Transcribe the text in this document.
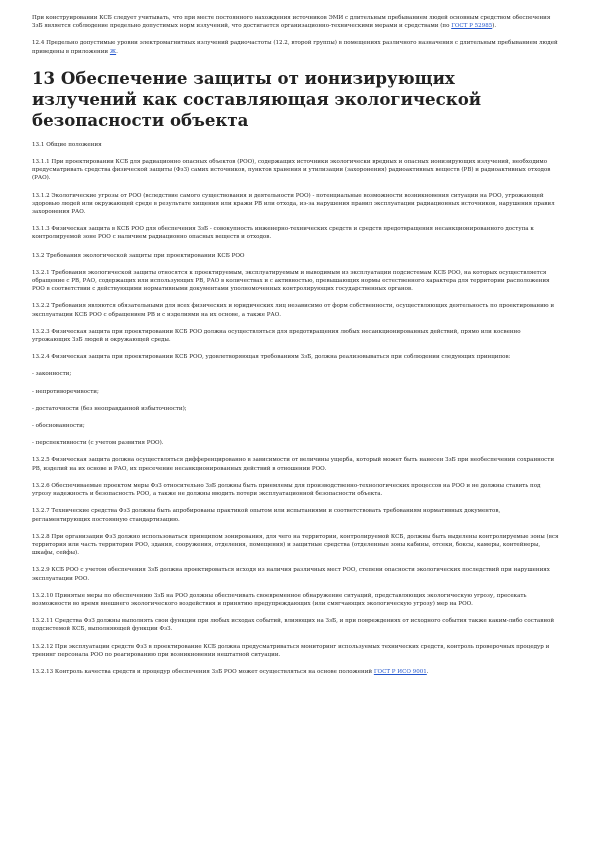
При конструировании КСБ следует учитывать, что при месте постоянного нахождения источников ЭМИ с длительным пребыванием людей основным средством обеспечения ЗзБ является соблюдение предельно допустимых норм излучений, что достигается организационно-техническими мерами и средствами (по ГОСТ Р 52985).

12.4 Предельно допустимые уровни электромагнитных излучений радиочастоты (12.2, второй группы) в помещениях различного назначения с длительным пребыванием людей приведены в приложении Ж.

13 Обеспечение защиты от ионизирующих излучений как составляющая экологической безопасности объекта

13.1 Общие положения

13.1.1 При проектировании КСБ для радиационно опасных объектов (РОО), содержащих источники экологически вредных и опасных ионизирующих излучений, необходимо предусматривать средства физической защиты (ФзЗ) самих источников, пунктов хранения и утилизации (захоронения) радиоактивных веществ (РВ) и радиоактивных отходов (РАО).

13.1.2 Экологические угрозы от РОО (вследствие самого существования и деятельности РОО) - потенциальные возможности возникновения ситуации на РОО, угрожающей здоровью людей или окружающей среде в результате хищения или кражи РВ или отхода, из-за нарушения правил эксплуатации радиационных источников, нарушения правил захоронения РАО.

13.1.3 Физическая защита в КСБ РОО для обеспечения ЗзБ - совокупность инженерно-технических средств и средств предотвращения несанкционированного доступа к контролируемой зоне РОО с наличием радиационно опасных веществ и отходов.

13.2 Требования экологической защиты при проектировании КСБ РОО

13.2.1 Требования экологической защиты относятся к проектируемым, эксплуатируемым и выводимым из эксплуатации подсистемам КСБ РОО, на которых осуществляется обращение с РВ, РАО, содержащих или использующих РВ, РАО в количествах и с активностью, превышающих нормы естественного характера для территории расположения РОО в соответствии с действующими нормативными документами уполномоченных контролирующих государственных органов.

13.2.2 Требования являются обязательными для всех физических и юридических лиц независимо от форм собственности, осуществляющих деятельность по проектированию и эксплуатации КСБ РОО с обращением РВ и с изделиями на их основе, а также РАО.

13.2.3 Физическая защита при проектировании КСБ РОО должна осуществляться для предотвращения любых несанкционированных действий, прямо или косвенно угрожающих ЗзБ людей и окружающей среды.

13.2.4 Физическая защита при проектировании КСБ РОО, удовлетворяющая требованиям ЗзБ, должна реализовываться при соблюдении следующих принципов:

- законности;

- непротиворечивости;

- достаточности (без неоправданной избыточности);

- обоснованности;

- перспективности (с учетом развития РОО).

13.2.5 Физическая защита должна осуществляться дифференцированно в зависимости от величины ущерба, который может быть нанесен ЗзБ при необеспечении сохранности РВ, изделий на их основе и РАО, их пресечение несанкционированных действий в отношении РОО.

13.2.6 Обеспечиваемые проектом меры ФзЗ относительно ЗзБ должны быть приемлемы для производственно-технологических процессов на РОО и не должны ставить под угрозу надежность и безопасность РОО, а также не должны вводить потери эксплуатационной безопасности объекта.

13.2.7 Технические средства ФзЗ должны быть апробированы практикой опытом или испытаниями и соответствовать требованиям нормативных документов, регламентирующих постоянную стандартизацию.

13.2.8 При организации ФзЗ должно использоваться принципом зонирования, для чего на территории, контролируемой КСБ, должны быть выделены контролируемые зоны (вся территория или часть территории РОО, здания, сооружения, отделения, помещения) и защитные средства (отделенные зоны кабины, отсеки, боксы, камеры, контейнеры, шкафы, сейфы).

13.2.9 КСБ РОО с учетом обеспечения ЗзБ должна проектироваться исходя из наличия различных мест РОО, степени опасности экологических последствий при нарушениях эксплуатации РОО.

13.2.10 Принятые меры по обеспечению ЗзБ на РОО должны обеспечивать своевременное обнаружение ситуаций, представляющих экологическую угрозу, пресекать возможности во время внешнего экологического воздействия и принятию предупреждающих (или смягчающих экологическую угрозу) мер на РОО.

13.2.11 Средства ФзЗ должны выполнять свои функции при любых исходах событий, влияющих на ЗзБ, и при повреждениях от исходного события также каким-либо составной подсистемой КСБ, выполняющей функции ФзЗ.

13.2.12 При эксплуатации средств ФзЗ в проектирование КСБ должна предусматриваться мониторинг используемых технических средств, контроль проверочных процедур и тренинг персонала РОО по реагированию при возникновении нештатной ситуации.

13.2.13 Контроль качества средств и процедур обеспечения ЗзБ РОО может осуществляться на основе положений ГОСТ Р ИСО 9001.
